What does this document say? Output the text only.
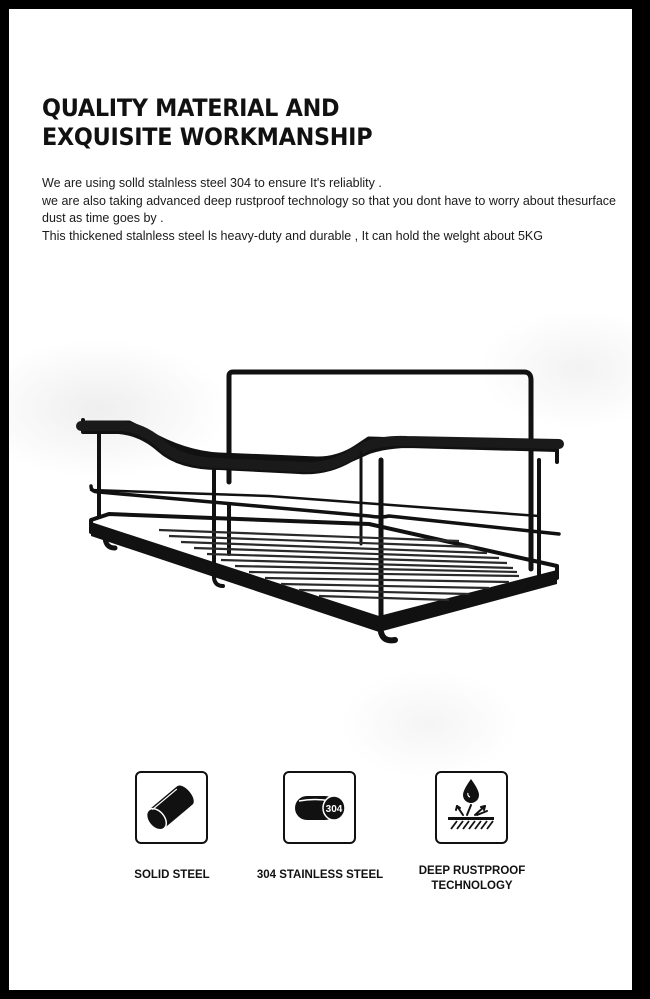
QUALITY MATERIAL AND
EXQUISITE WORKMANSHIP

We are using solld stalnless steel 304 to ensure It's reliablity .

we are also taking advanced deep rustproof technology so that you dont have to worry about thesurface dust as time goes by .

This thickened stalnless steel ls heavy-duty and durable , It can hold the welght about 5KG

SOLID STEEL
304
304 STAINLESS STEEL	DEEP RUSTPROOF
TECHNOLOGY
